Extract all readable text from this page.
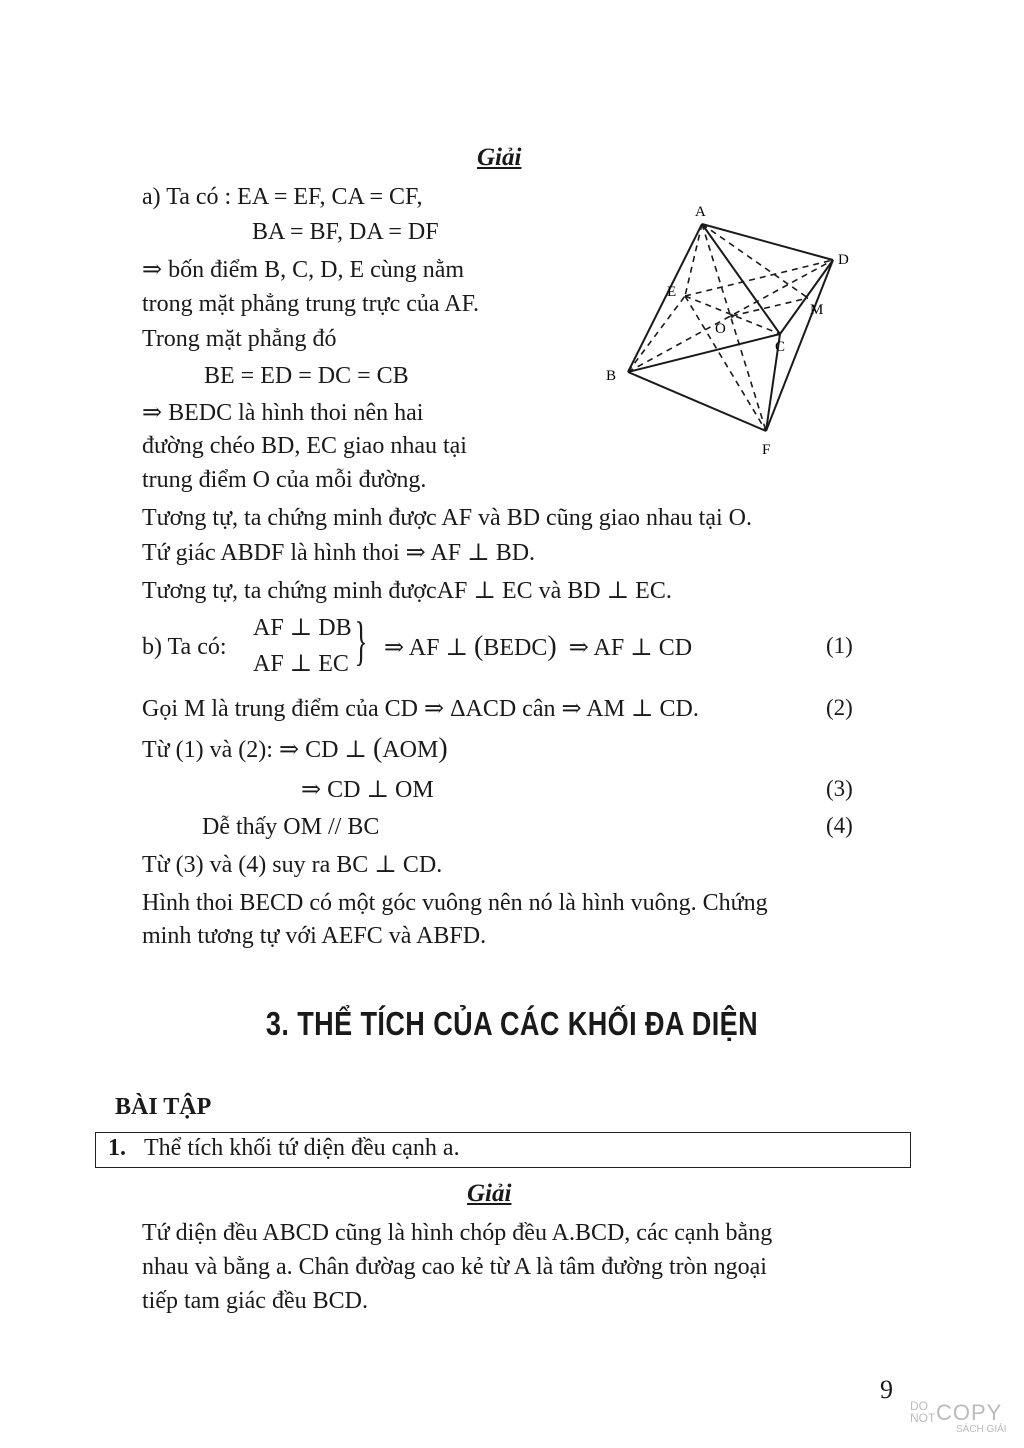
Giải
a) Ta có : EA = EF, CA = CF,
BA = BF, DA = DF
⇒ bốn điểm B, C, D, E cùng nằm
trong mặt phẳng trung trực của AF.
Trong mặt phẳng đó
BE = ED = DC = CB
⇒ BEDC là hình thoi nên hai
đường chéo BD, EC giao nhau tại
trung điểm O của mỗi đường.
Tương tự, ta chứng minh được AF và BD cũng giao nhau tại O.
Tứ giác ABDF là hình thoi ⇒ AF ⊥ BD.
Tương tự, ta chứng minh đượcAF ⊥ EC và BD ⊥ EC.
A
B
C
D
E
F
O
M
b) Ta có:
AF ⊥ DB
AF ⊥ EC } ⇒ AF ⊥ (BEDC) ⇒ AF ⊥ CD	(1)
Gọi M là trung điểm của CD ⇒ ΔACD cân ⇒ AM ⊥ CD.	(2)
Từ (1) và (2): ⇒ CD ⊥ (AOM)
⇒ CD ⊥ OM	(3)
Dễ thấy OM // BC	(4)
Từ (3) và (4) suy ra BC ⊥ CD.
Hình thoi BECD có một góc vuông nên nó là hình vuông. Chứng
minh tương tự với AEFC và ABFD.
3. THỂ TÍCH CỦA CÁC KHỐI ĐA DIỆN
BÀI TẬP
1. Thể tích khối tứ diện đều cạnh a.
Giải
Tứ diện đều ABCD cũng là hình chóp đều A.BCD, các cạnh bằng
nhau và bằng a. Chân đườag cao kẻ từ A là tâm đường tròn ngoại
tiếp tam giác đều BCD.
9
DO NOT COPY
SÁCH GIẢI
